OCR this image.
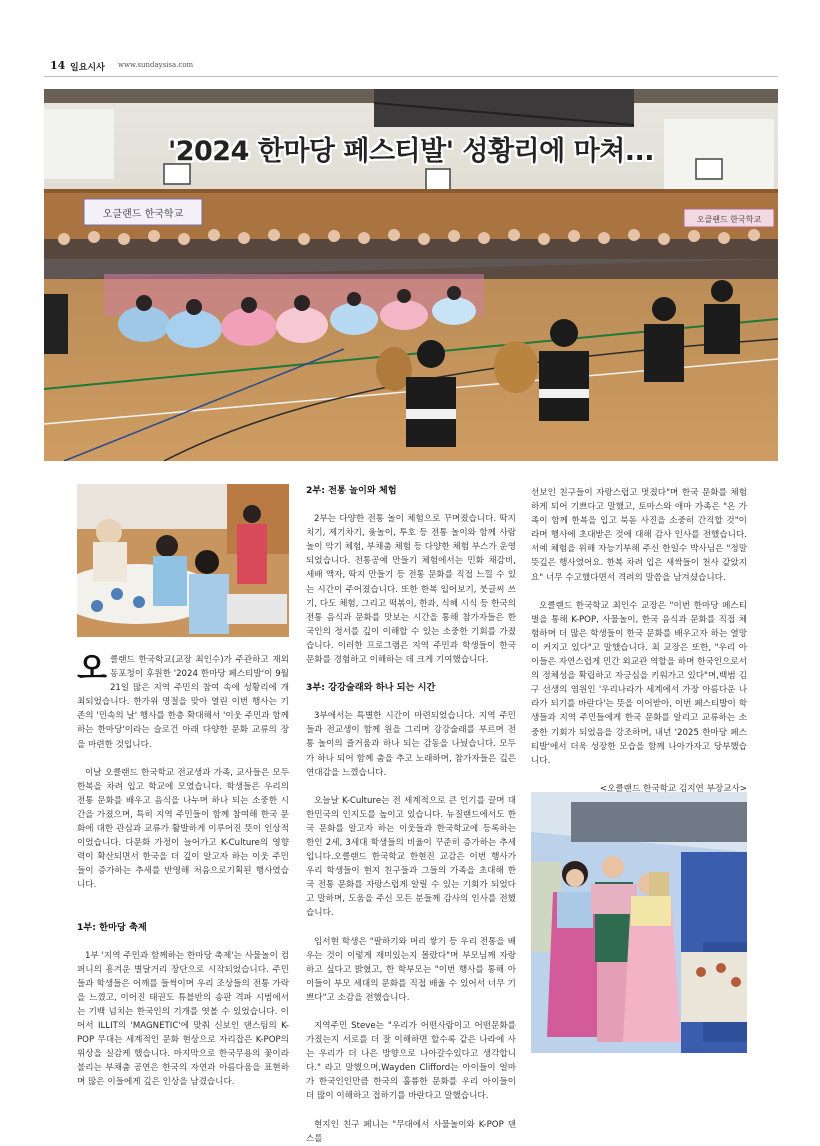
14 일요시사 www.sundaysisa.com
오클랜드 한국학교	오클랜드 한국학교
'2024 한마당 페스티발' 성황리에 마쳐...

오클랜드 한국학교(교장 최인수)가 주관하고 재외동포청이 후원한 '2024 한마당 페스티발'이 9월 21일 많은 지역 주민의 참여 속에 성황리에 개최되었습니다. 한가위 명절을 맞아 열린 이번 행사는 기존의 '민속의 날' 행사를 한층 확대해서 '이웃 주민과 함께하는 한마당'이라는 슬로건 아래 다양한 문화 교류의 장을 마련한 것입니다.

이날 오클랜드 한국학교 전교생과 가족, 교사들은 모두 한복을 차려 입고 학교에 모였습니다. 학생들은 우리의 전통 문화를 배우고 음식을 나누며 하나 되는 소중한 시간을 가졌으며, 특히 지역 주민들이 함께 참여해 한국 문화에 대한 관심과 교류가 활발하게 이루어진 뜻이 인상적이었습니다. 다문화 가정이 늘어가고 K-Culture의 영향력이 확산되면서 한국을 더 깊이 알고자 하는 이웃 주민들이 증가하는 추세를 반영해 처음으로기획된 행사였습니다.

1부: 한마당 축제

1부 '지역 주민과 함께하는 한마당 축제'는 사물놀이 컴퍼니의 흥겨운 별달거리 장단으로 시작되었습니다. 주민들과 학생들은 어깨를 들썩이며 우리 조상들의 전통 가락을 느꼈고, 이어진 태권도 튜블반의 송판 격파 시범에서는 기백 넘치는 한국인의 기개를 엿볼 수 있었습니다. 이어서 ILLIT의 'MAGNETIC'에 맞춰 신보인 댄스팀의 K-POP 무대는 세계적인 문화 현상으로 자리잡은 K-POP의 위상을 실감케 했습니다. 마지막으로 한국무용의 꽃이라 불리는 부채춤 공연은 한국의 자연과 아름다움을 표현하며 많은 이들에게 깊은 인상을 남겼습니다.

2부: 전통 놀이와 체험

2부는 다양한 전통 놀이 체험으로 꾸며졌습니다. 딱지치기, 제기차기, 윷놀이, 투호 등 전통 놀이와 함께 사람놀이 악기 체험, 부채춤 체험 등 다양한 체험 부스가 운영되었습니다. 전통공예 만들기 체험에서는 민화 채감비, 세배 액자, 딱지 만들기 등 전통 문화를 직접 느낄 수 있는 시간이 주어졌습니다. 또한 한복 입어보기, 붓글씨 쓰기, 다도 체험, 그리고 떡볶이, 한과, 식혜 시식 등 한국의 전통 음식과 문화를 맛보는 시간을 통해 참가자들은 한국인의 정서를 깊이 이해할 수 있는 소중한 기회를 가졌습니다. 이러한 프로그램은 지역 주민과 학생들이 한국 문화를 경험하고 이해하는 데 크게 기여했습니다.

3부: 강강술래와 하나 되는 시간

3부에서는 특별한 시간이 마련되었습니다. 지역 주민들과 전교생이 함께 원을 그리며 강강술래를 부르며 전통 놀이의 즐거움과 하나 되는 감동을 나눴습니다. 모두가 하나 되어 함께 춤을 추고 노래하며, 참가자들은 깊은 연대감을 느꼈습니다.

오늘날 K-Culture는 전 세계적으로 큰 인기를 끌며 대한민국의 인지도를 높이고 있습니다. 뉴질랜드에서도 한국 문화를 알고자 하는 이웃들과 한국학교에 등록하는 한인 2세, 3세대 학생들의 비율이 꾸준히 증가하는 추세입니다.오클랜드 한국학교 한현진 교감은 이번 행사가 우리 학생들이 현지 친구들과 그들의 가족을 초대해 한국 전통 문화를 자랑스럽게 알릴 수 있는 기회가 되었다고 말하며, 도움을 주신 모든 분들께 감사의 인사를 전했습니다.

임서현 학생은 "팔하기와 머리 쌓기 등 우리 전통을 배우는 것이 이렇게 재미있는지 몰랐다"며 부모님께 자랑하고 싶다고 밝혔고, 한 학부모는 "이번 행사를 통해 아이들이 부모 세대의 문화를 직접 배울 수 있어서 너무 기쁘다"고 소감을 전했습니다.

지역주민 Steve는 "우리가 어떤사람이고 어떤문화를 가졌는지 서로를 더 잘 이해하면 할수록 같은 나라에 사는 우리가 더 나은 방향으로 나아갈수있다고 생각합니다." 라고 말했으며,Wayden Clifford는 아이들이 얼마가 한국인인만큼 한국의 훌륭한 문화를 우리 아이들이 더 많이 이해하고 접하기를 바란다고 말했습니다.

현지인 친구 페니는 "무대에서 사물놀이와 K-POP 댄스를

선보인 친구들이 자랑스럽고 멋졌다"며 한국 문화를 체험하게 되어 기쁘다고 말했고, 토마스와 애마 가족은 "온 가족이 함께 한복을 입고 북돋 사진을 소중히 간직할 것"이라며 행사에 초대받은 것에 대해 감사 인사를 전했습니다. 서예 체험을 위해 자능기부해 주신 한일수 박사님은 "정말 뜻깊은 행사였어요. 한복 차려 입은 새싹들이 천사 같았지요" 너무 수고했다면서 격려의 말씀을 남겨셨습니다.

오클랜드 한국학교 최인수 교장은 "이번 한마당 페스티벌을 통해 K-POP, 사물놀이, 한국 음식과 문화를 직접 체험하며 더 많은 학생들이 한국 문화를 배우고자 하는 열망이 커지고 있다"고 말했습니다. 최 교장은 또한, "우리 아이들은 자연스럽게 민간 외교관 역할을 하며 한국인으로서의 정체성을 확립하고 자긍심을 키워가고 있다"며,백범 김구 선생의 염원인 '우리나라가 세계에서 가장 아름다운 나라가 되기를 바란다'는 뜻을 이어받아, 이번 페스티발이 학생들과 지역 주민들에게 한국 문화를 알리고 교류하는 소중한 기회가 되었음을 강조하며, 내년 '2025 한마당 페스티발'에서 더욱 성장한 모습을 함께 나아가자고 당부했습니다.

<오클랜드 한국학교 김지연 부장교사>
